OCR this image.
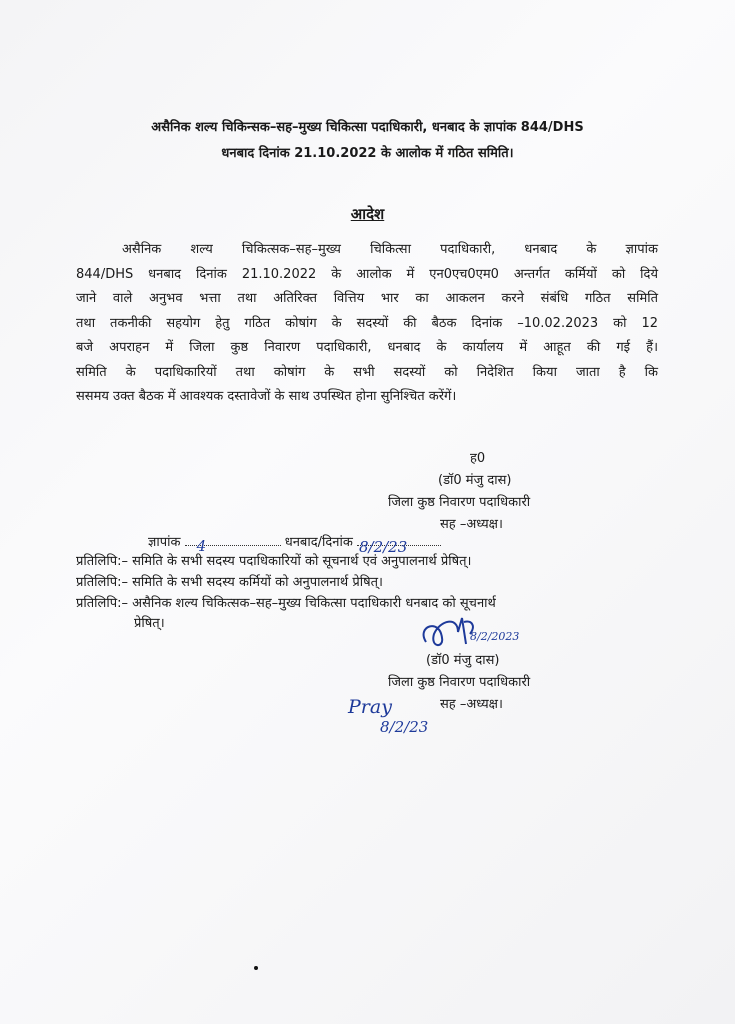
असैनिक शल्य चिकिन्सक–सह–मुख्य चिकित्सा पदाधिकारी, धनबाद के ज्ञापांक 844/DHS
धनबाद दिनांक 21.10.2022 के आलोक में गठित समिति।
आदेश
असैनिक शल्य चिकित्सक–सह–मुख्य चिकित्सा पदाधिकारी, धनबाद के ज्ञापांक
844/DHS धनबाद दिनांक 21.10.2022 के आलोक में एन0एच0एम0 अन्तर्गत कर्मियों को दिये
जाने वाले अनुभव भत्ता तथा अतिरिक्त वित्तिय भार का आकलन करने संबंधि गठित समिति
तथा तकनीकी सहयोग हेतु गठित कोषांग के सदस्यों की बैठक दिनांक –10.02.2023 को 12
बजे अपराहन में जिला कुष्ठ निवारण पदाधिकारी, धनबाद के कार्यालय में आहूत की गई हैं।
समिति के पदाधिकारियों तथा कोषांग के सभी सदस्यों को निदेशित किया जाता है कि
ससमय उक्त बैठक में आवश्यक दस्तावेजों के साथ उपस्थित होना सुनिश्चित करेंगें।
ह0
(डॉ0 मंजु दास)
जिला कुष्ठ निवारण पदाधिकारी
सह –अध्यक्ष।
ज्ञापांक 4	धनबाद/दिनांक 8/2/23
प्रतिलिपि:– समिति के सभी सदस्य पदाधिकारियों को सूचनार्थ एवं अनुपालनार्थ प्रेषित्।
प्रतिलिपि:– समिति के सभी सदस्य कर्मियों को अनुपालनार्थ प्रेषित्।
प्रतिलिपि:– असैनिक शल्य चिकित्सक–सह–मुख्य चिकित्सा पदाधिकारी धनबाद को सूचनार्थ
प्रेषित्।
8/2/2023
(डॉ0 मंजु दास)
जिला कुष्ठ निवारण पदाधिकारी
सह –अध्यक्ष।
Pray
8/2/23
